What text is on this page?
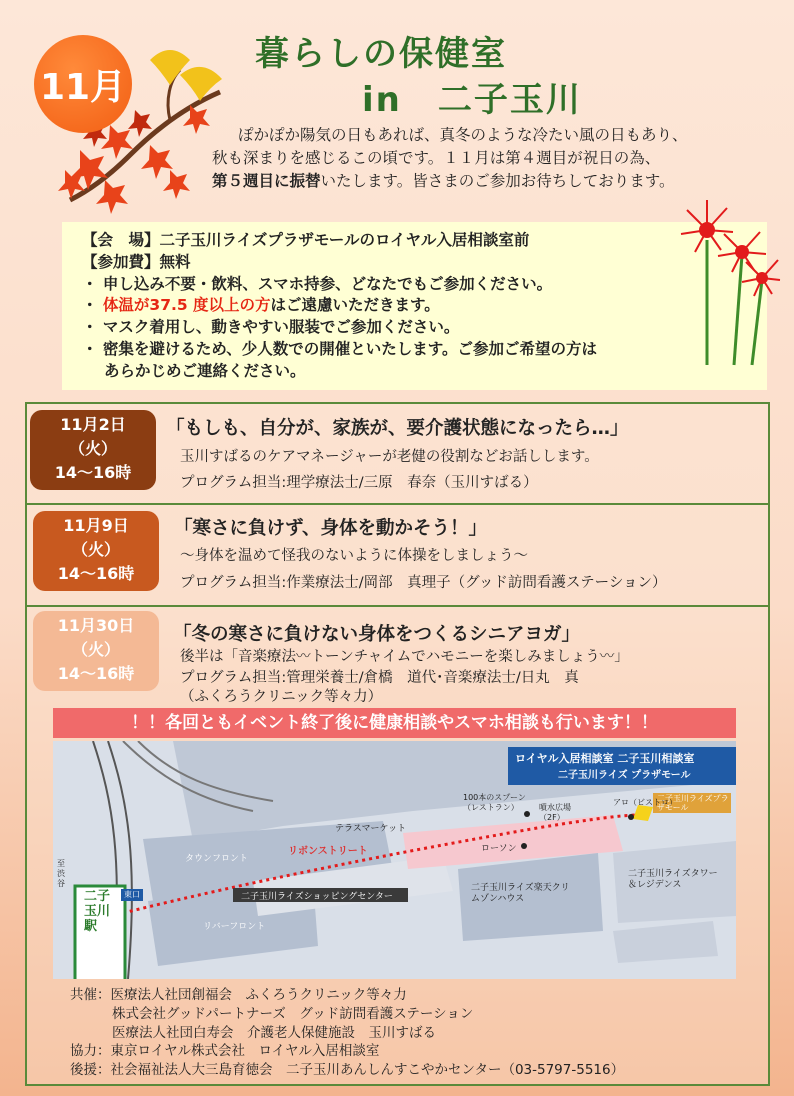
11月
暮らしの保健室
in　二子玉川
ぽかぽか陽気の日もあれば、真冬のような冷たい風の日もあり、
秋も深まりを感じるこの頃です。１１月は第４週目が祝日の為、
第５週目に振替いたします。皆さまのご参加お待ちしております。
【会　場】二子玉川ライズプラザモールのロイヤル入居相談室前
【参加費】無料
・ 申し込み不要・飲料、スマホ持参、どなたでもご参加ください。
・ 体温が37.5 度以上の方はご遠慮いただきます。
・ マスク着用し、動きやすい服装でご参加ください。
・ 密集を避けるため、少人数での開催といたします。ご参加ご希望の方は
あらかじめご連絡ください。
11月2日
（火）
14～16時
「もしも、自分が、家族が、要介護状態になったら…」
玉川すばるのケアマネージャーが老健の役割などお話しします。
プログラム担当:理学療法士/三原　春奈（玉川すばる）
11月9日
（火）
14～16時
「寒さに負けず、身体を動かそう！」
～身体を温めて怪我のないように体操をしましょう～
プログラム担当:作業療法士/岡部　真理子（グッド訪問看護ステーション）
11月30日
（火）
14～16時
「冬の寒さに負けない身体をつくるシニアヨガ」
後半は「音楽療法〰トーンチャイムでハモニーを楽しみましょう〰」
プログラム担当:管理栄養士/倉橋　道代･音楽療法士/日丸　真
（ふくろうクリニック等々力）
！！各回ともイベント終了後に健康相談やスマホ相談も行います！！
ロイヤル入居相談室 二子玉川相談室
二子玉川ライズ プラザモール
二子玉川駅
東口
至渋谷
テラスマーケット
タウンフロント
リバーフロント
リボンストリート
二子玉川ライズショッピングセンター
100本のスプーン（レストラン）	噴水広場（2F）
アロ（ビストロ）
二子玉川ライズプラザモール
ローソン
二子玉川ライズ楽天クリムゾンハウス
二子玉川ライズタワー＆レジデンス
共催：医療法人社団創福会　ふくろうクリニック等々力
株式会社グッドパートナーズ　グッド訪問看護ステーション
医療法人社団白寿会　介護老人保健施設　玉川すばる
協力：東京ロイヤル株式会社　ロイヤル入居相談室
後援：社会福祉法人大三島育徳会　二子玉川あんしんすこやかセンター（03-5797-5516）
